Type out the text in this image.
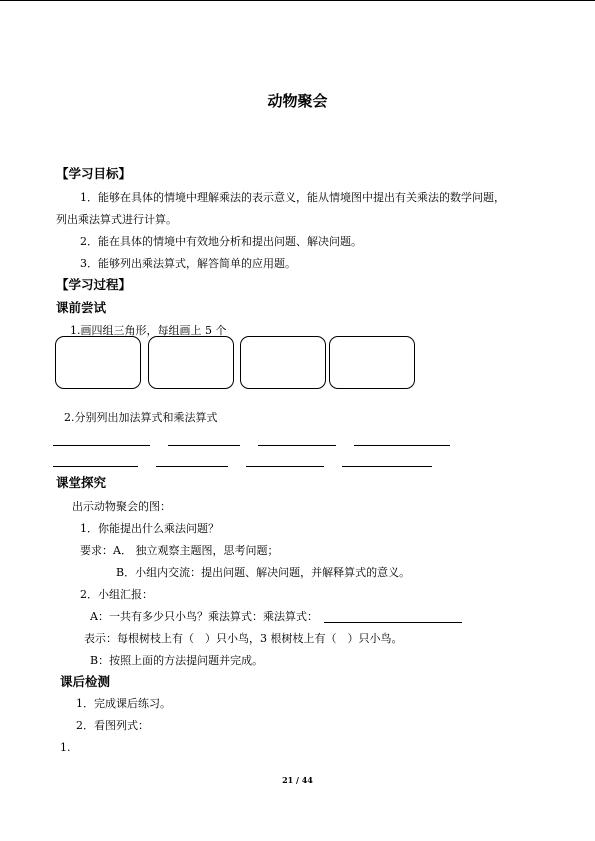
动物聚会
【学习目标】
1．能够在具体的情境中理解乘法的表示意义，能从情境图中提出有关乘法的数学问题，
列出乘法算式进行计算。
2．能在具体的情境中有效地分析和提出问题、解决问题。
3．能够列出乘法算式，解答简单的应用题。
【学习过程】
课前尝试
1.画四组三角形，每组画上 5 个
2.分别列出加法算式和乘法算式
课堂探究
出示动物聚会的图：
1．你能提出什么乘法问题？
要求：A． 独立观察主题图，思考问题；
B．小组内交流：提出问题、解决问题，并解释算式的意义。
2．小组汇报：
A：一共有多少只小鸟？乘法算式：乘法算式：
表示：每根树枝上有（　）只小鸟，3 根树枝上有（　）只小鸟。
B：按照上面的方法提问题并完成。
课后检测
1．完成课后练习。
2．看图列式：
1.
21 / 44
